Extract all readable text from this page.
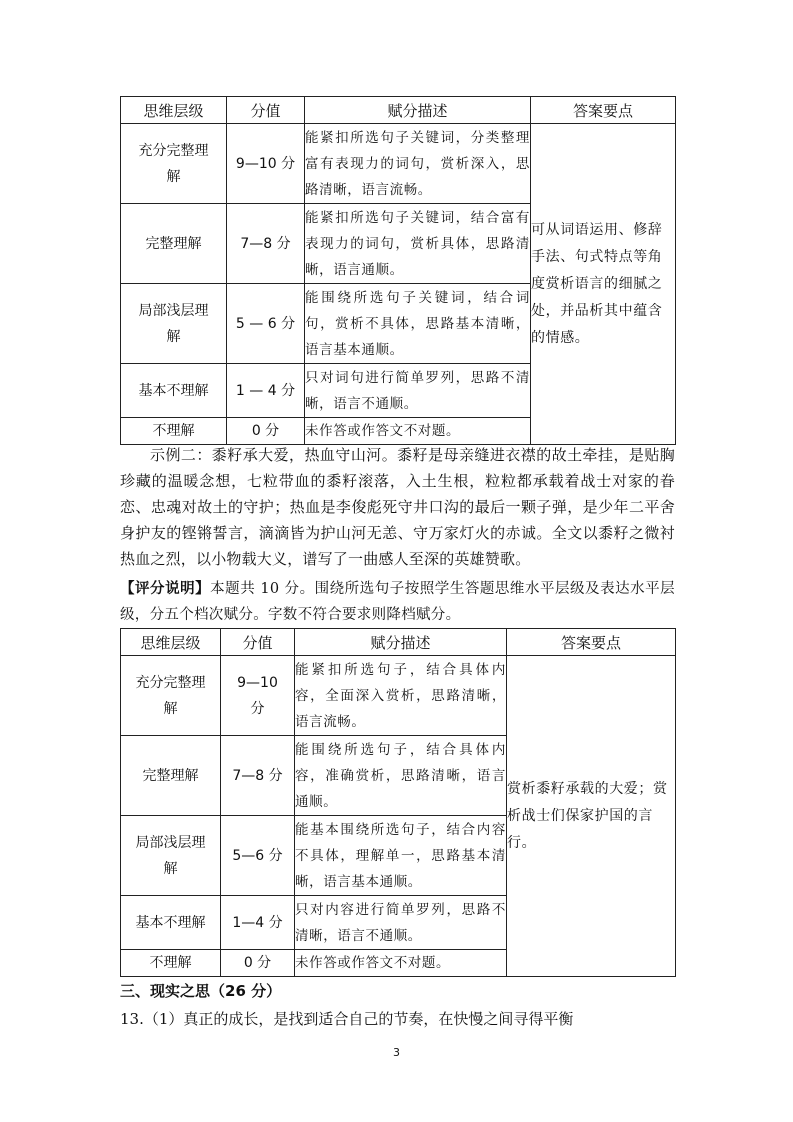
思维层级	分值	赋分描述	答案要点
充分完整理解	9—10 分	能紧扣所选句子关键词，分类整理富有表现力的词句，赏析深入，思路清晰，语言流畅。	可从词语运用、修辞手法、句式特点等角度赏析语言的细腻之处，并品析其中蕴含的情感。
完整理解	7—8 分	能紧扣所选句子关键词，结合富有表现力的词句，赏析具体，思路清晰，语言通顺。	
局部浅层理解	5 — 6 分	能围绕所选句子关键词，结合词句，赏析不具体，思路基本清晰，语言基本通顺。	
基本不理解	1 — 4 分	只对词句进行简单罗列，思路不清晰，语言不通顺。	
不理解	0 分	未作答或作答文不对题。	
示例二：黍籽承大爱，热血守山河。黍籽是母亲缝进衣襟的故土牵挂，是贴胸珍藏的温暖念想，七粒带血的黍籽滚落，入土生根，粒粒都承载着战士对家的眷恋、忠魂对故土的守护；热血是李俊彪死守井口沟的最后一颗子弹，是少年二平舍身护友的铿锵誓言，滴滴皆为护山河无恙、守万家灯火的赤诚。全文以黍籽之微衬热血之烈，以小物载大义，谱写了一曲感人至深的英雄赞歌。
【评分说明】本题共 10 分。围绕所选句子按照学生答题思维水平层级及表达水平层级，分五个档次赋分。字数不符合要求则降档赋分。
思维层级	分值	赋分描述	答案要点
充分完整理解	9—10 分	能紧扣所选句子，结合具体内容，全面深入赏析，思路清晰，语言流畅。	赏析黍籽承载的大爱；赏析战士们保家护国的言行。
完整理解	7—8 分	能围绕所选句子，结合具体内容，准确赏析，思路清晰，语言通顺。	
局部浅层理解	5—6 分	能基本围绕所选句子，结合内容不具体，理解单一，思路基本清晰，语言基本通顺。	
基本不理解	1—4 分	只对内容进行简单罗列，思路不清晰，语言不通顺。	
不理解	0 分	未作答或作答文不对题。	
三、现实之思（26 分）
13.（1）真正的成长，是找到适合自己的节奏，在快慢之间寻得平衡
3
